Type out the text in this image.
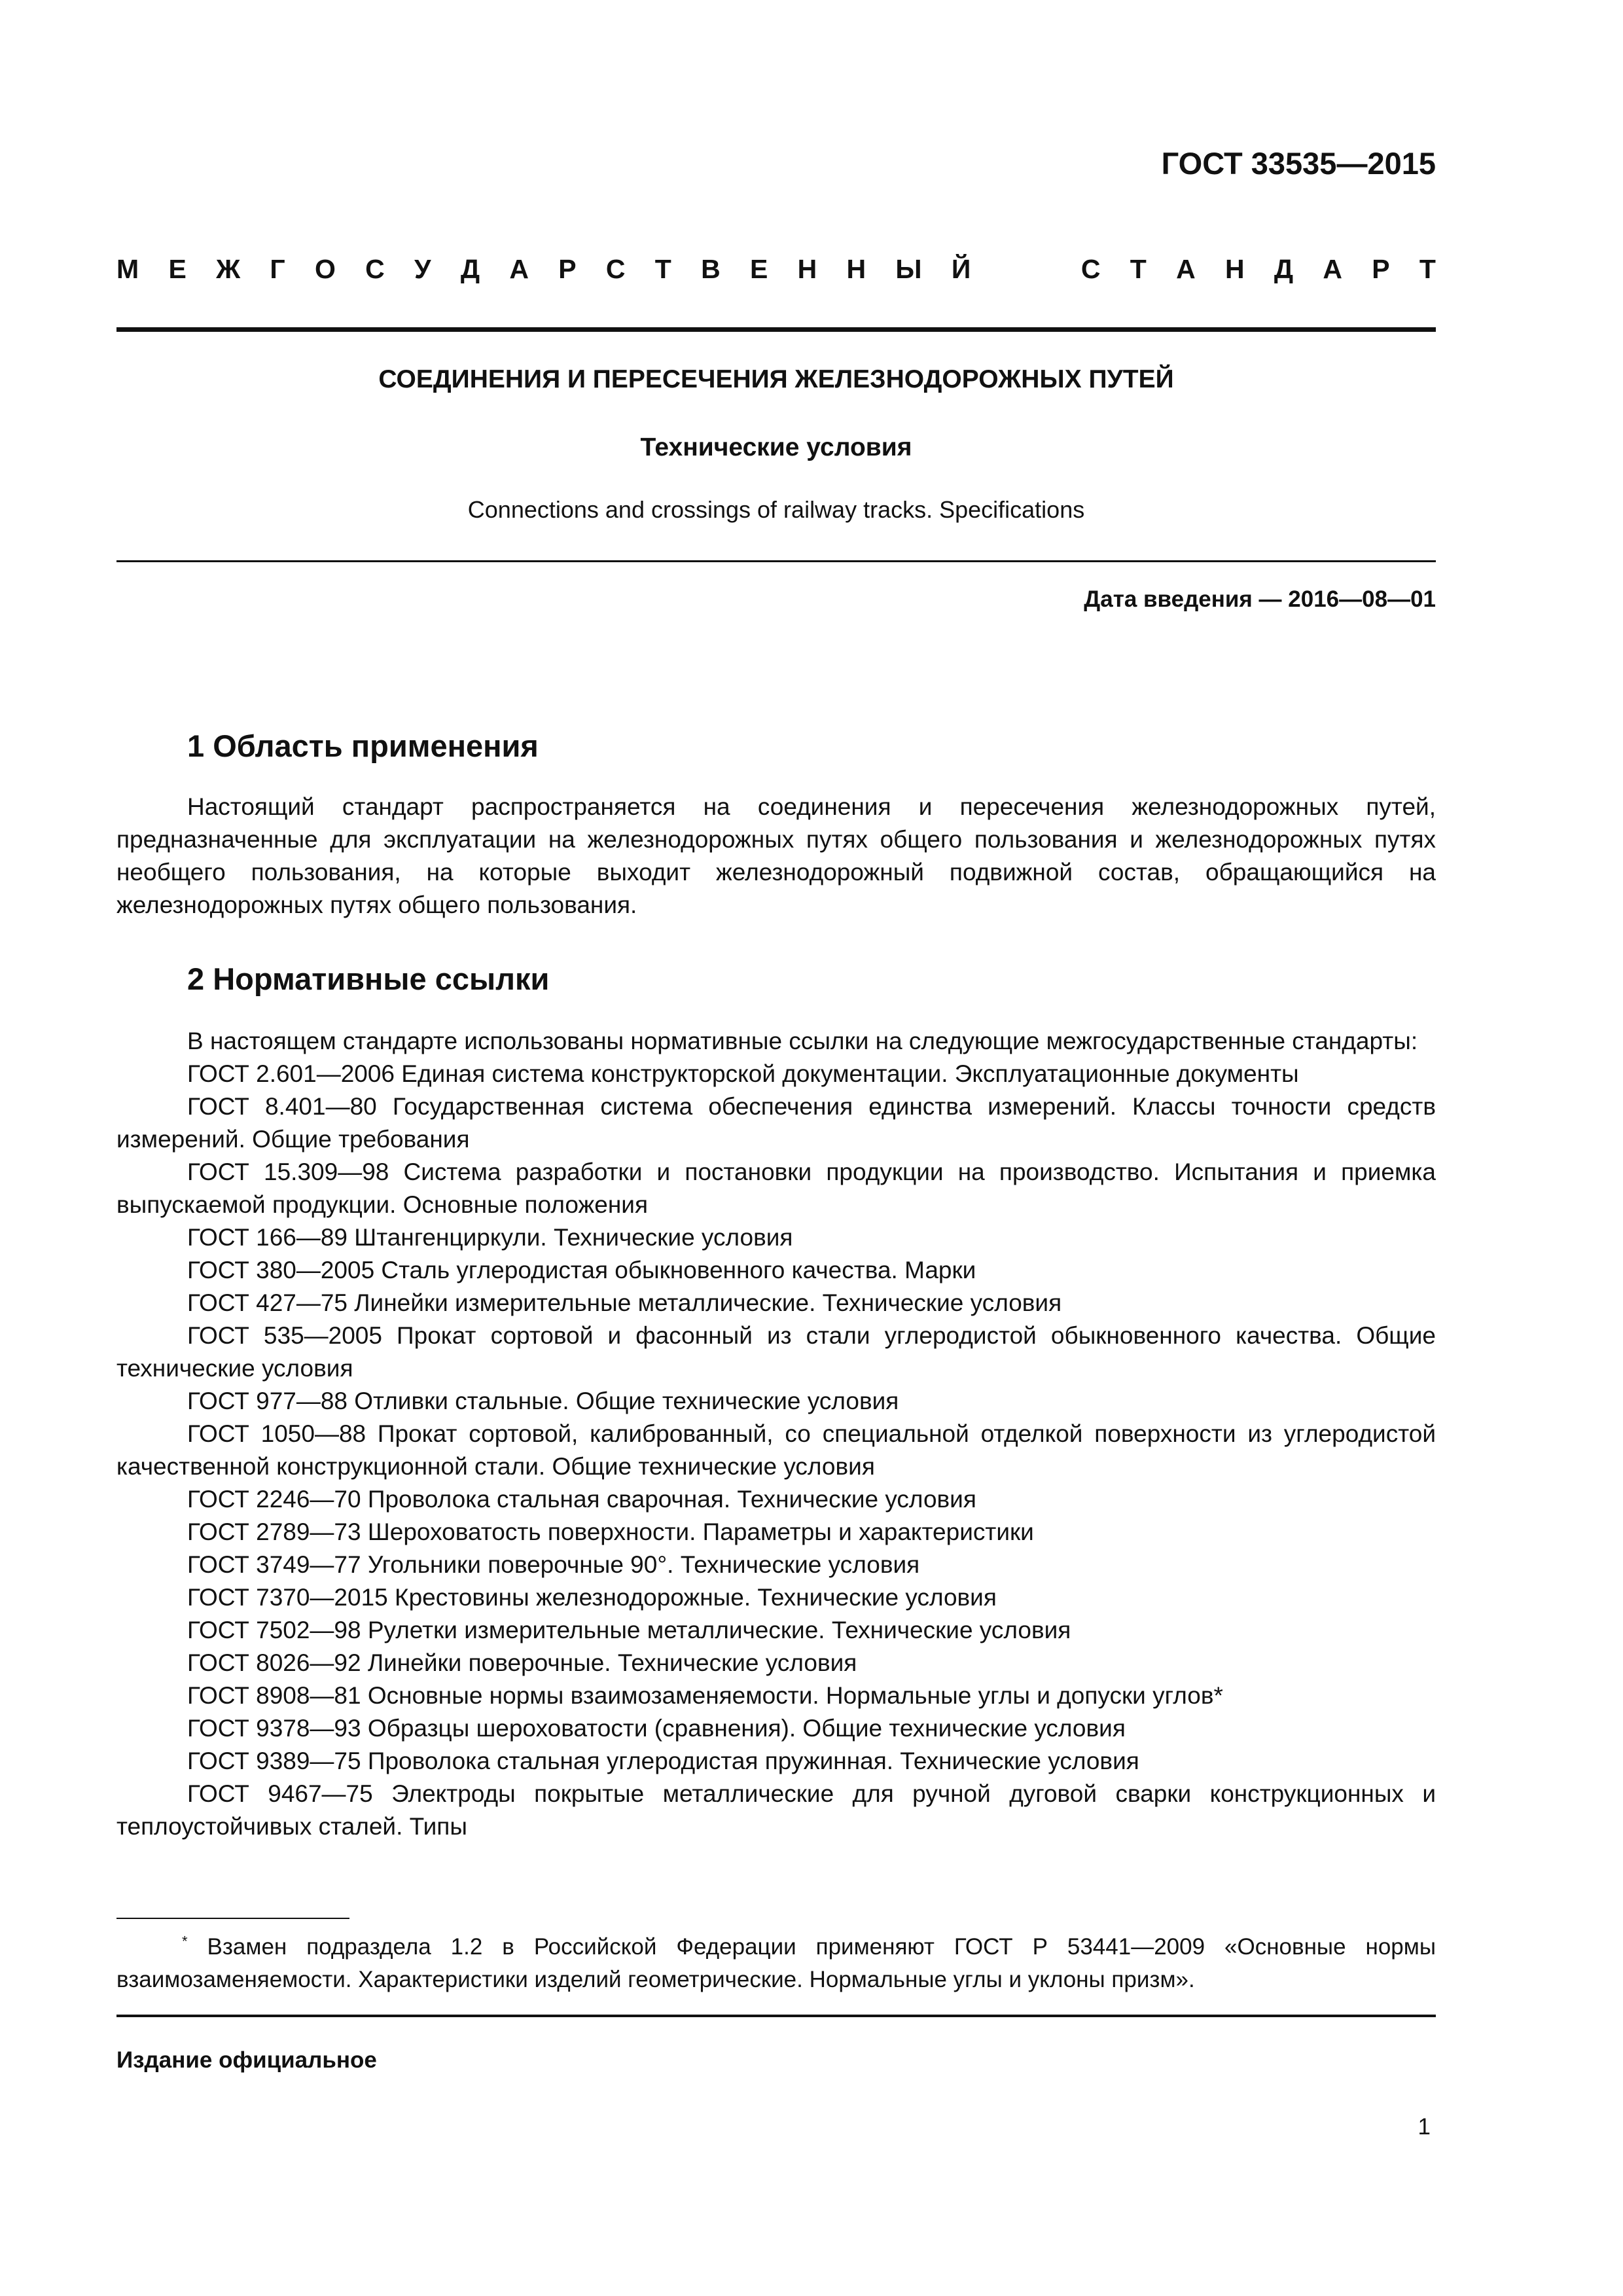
ГОСТ 33535—2015
М Е Ж Г О С У Д А Р С Т В Е Н Н Ы Й	С Т А Н Д А Р Т
СОЕДИНЕНИЯ И ПЕРЕСЕЧЕНИЯ ЖЕЛЕЗНОДОРОЖНЫХ ПУТЕЙ
Технические условия
Connections and crossings of railway tracks. Specifications
Дата введения — 2016—08—01
1 Область применения
Настоящий стандарт распространяется на соединения и пересечения железнодорожных путей, предназначенные для эксплуатации на железнодорожных путях общего пользования и железнодорожных путях необщего пользования, на которые выходит железнодорожный подвижной состав, обращающийся на железнодорожных путях общего пользования.
2 Нормативные ссылки
В настоящем стандарте использованы нормативные ссылки на следующие межгосударственные стандарты:
ГОСТ 2.601—2006 Единая система конструкторской документации. Эксплуатационные документы
ГОСТ 8.401—80 Государственная система обеспечения единства измерений. Классы точности средств измерений. Общие требования
ГОСТ 15.309—98 Система разработки и постановки продукции на производство. Испытания и приемка выпускаемой продукции. Основные положения
ГОСТ 166—89 Штангенциркули. Технические условия
ГОСТ 380—2005 Сталь углеродистая обыкновенного качества. Марки
ГОСТ 427—75 Линейки измерительные металлические. Технические условия
ГОСТ 535—2005 Прокат сортовой и фасонный из стали углеродистой обыкновенного качества. Общие технические условия
ГОСТ 977—88 Отливки стальные. Общие технические условия
ГОСТ 1050—88 Прокат сортовой, калиброванный, со специальной отделкой поверхности из углеродистой качественной конструкционной стали. Общие технические условия
ГОСТ 2246—70 Проволока стальная сварочная. Технические условия
ГОСТ 2789—73 Шероховатость поверхности. Параметры и характеристики
ГОСТ 3749—77 Угольники поверочные 90°. Технические условия
ГОСТ 7370—2015 Крестовины железнодорожные. Технические условия
ГОСТ 7502—98 Рулетки измерительные металлические. Технические условия
ГОСТ 8026—92 Линейки поверочные. Технические условия
ГОСТ 8908—81 Основные нормы взаимозаменяемости. Нормальные углы и допуски углов*
ГОСТ 9378—93 Образцы шероховатости (сравнения). Общие технические условия
ГОСТ 9389—75 Проволока стальная углеродистая пружинная. Технические условия
ГОСТ 9467—75 Электроды покрытые металлические для ручной дуговой сварки конструкционных и теплоустойчивых сталей. Типы
* Взамен подраздела 1.2 в Российской Федерации применяют ГОСТ Р 53441—2009 «Основные нормы взаимозаменяемости. Характеристики изделий геометрические. Нормальные углы и уклоны призм».
Издание официальное
1
